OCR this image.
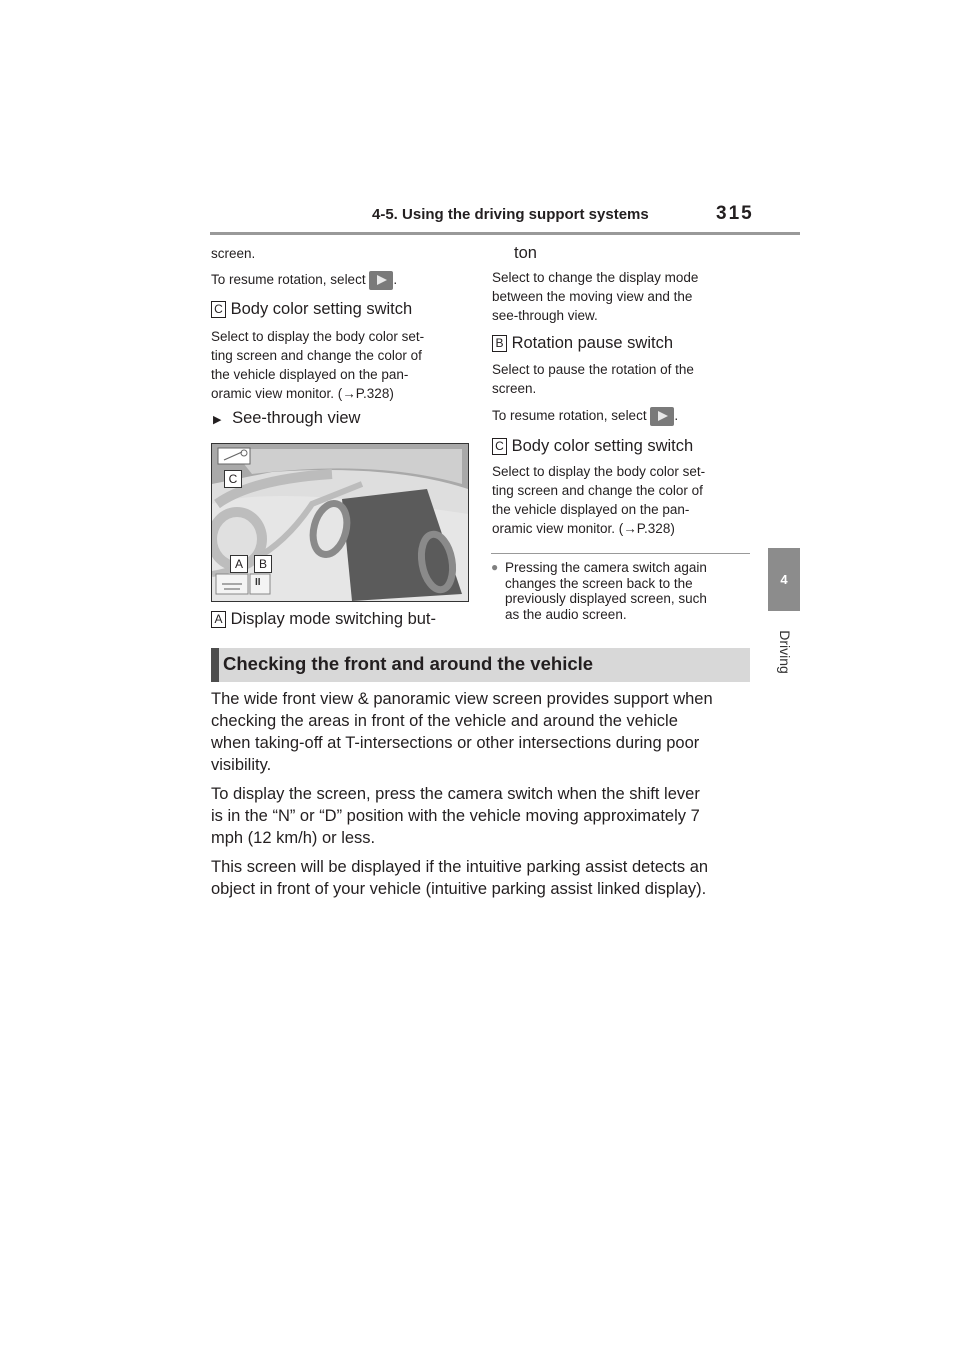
4-5. Using the driving support systems	315
4
Driving
screen.
To resume rotation, select .
C Body color setting switch
Select to display the body color set-
ting screen and change the color of
the vehicle displayed on the pan-
oramic view monitor. (→P.328)
▶ See-through view
C
A	B
II
A Display mode switching but-
ton
Select to change the display mode
between the moving view and the
see-through view.
B Rotation pause switch
Select to pause the rotation of the
screen.
To resume rotation, select .
C Body color setting switch
Select to display the body color set-
ting screen and change the color of
the vehicle displayed on the pan-
oramic view monitor. (→P.328)
● Pressing the camera switch again
changes the screen back to the
previously displayed screen, such
as the audio screen.
Checking the front and around the vehicle
The wide front view & panoramic view screen provides support when
checking the areas in front of the vehicle and around the vehicle
when taking-off at T-intersections or other intersections during poor
visibility.
To display the screen, press the camera switch when the shift lever
is in the “N” or “D” position with the vehicle moving approximately 7
mph (12 km/h) or less.
This screen will be displayed if the intuitive parking assist detects an
object in front of your vehicle (intuitive parking assist linked display).
